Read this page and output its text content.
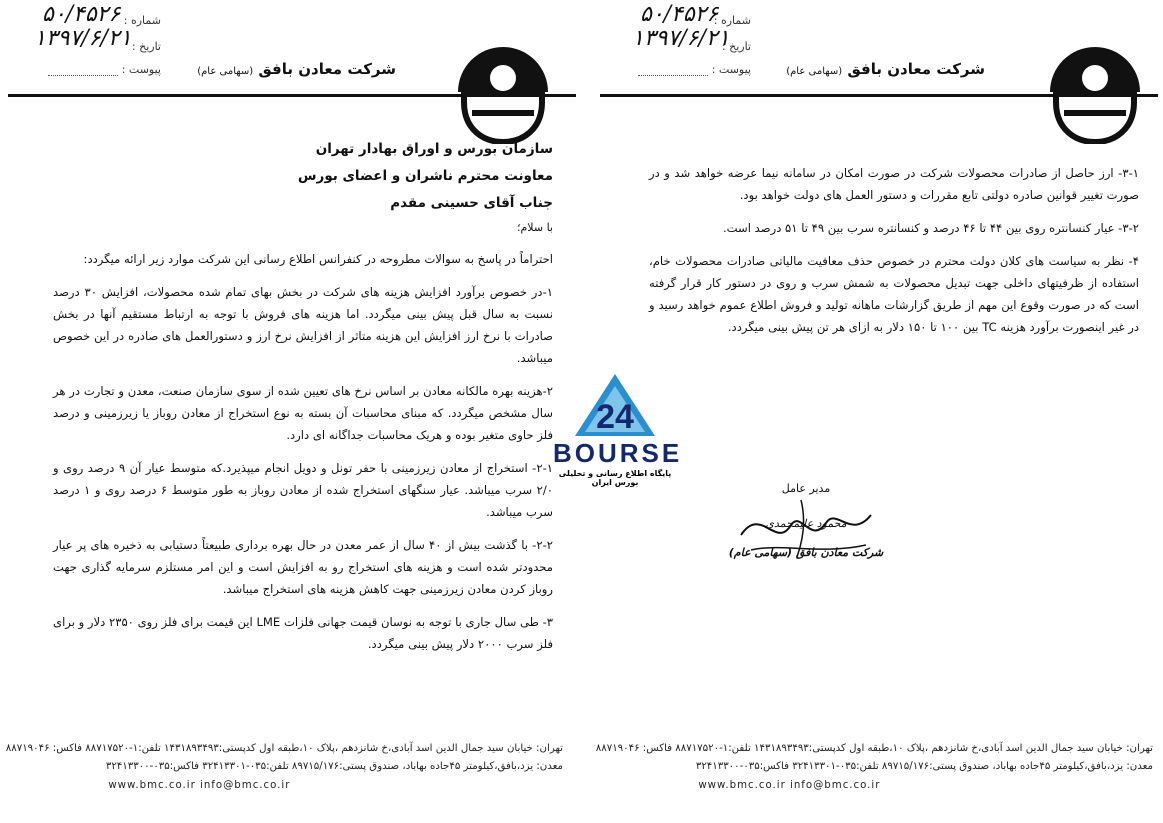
شماره :
۵۰/۴۵۲۶
تاریخ :
۱۳۹۷/۶/۲۱
پیوست :	شرکت معادن بافق (سهامی عام)

سازمان بورس و اوراق بهادار تهران

معاونت محترم ناشران و اعضای بورس

جناب آقای حسینی مقدم

با سلام؛

احتراماً در پاسخ به سوالات مطروحه در کنفرانس اطلاع رسانی این شرکت موارد زیر ارائه میگردد:

۱-در خصوص برآورد افزایش هزینه های شرکت در بخش بهای تمام شده محصولات، افزایش ۳۰ درصد نسبت به سال قبل پیش بینی میگردد. اما هزینه های فروش با توجه به ارتباط مستقیم آنها در بخش صادرات با نرخ ارز افزایش این هزینه متاثر از افزایش نرخ ارز و دستورالعمل های صادره در این خصوص میباشد.

۲-هزینه بهره مالکانه معادن بر اساس نرخ های تعیین شده از سوی سازمان صنعت، معدن و تجارت در هر سال مشخص میگردد. که مبنای محاسبات آن بسته به نوع استخراج از معادن روباز یا زیرزمینی و درصد فلز حاوی متغیر بوده و هریک محاسبات جداگانه ای دارد.

۲-۱- استخراج از معادن زیرزمینی با حفر تونل و دویل انجام میپذیرد.که متوسط عیار آن ۹ درصد روی و ۲/۰ سرب میباشد. عیار سنگهای استخراج شده از معادن روباز به طور متوسط ۶ درصد روی و ۱ درصد سرب میباشد.

۲-۲- با گذشت بیش از ۴۰ سال از عمر معدن در حال بهره برداری طبیعتاً دستیابی به ذخیره های پر عیار محدودتر شده است و هزینه های استخراج رو به افزایش است و این امر مستلزم سرمایه گذاری جهت روباز کردن معادن زیرزمینی جهت کاهش هزینه های استخراج میباشد.

۳- طی سال جاری با توجه به نوسان قیمت جهانی فلزات LME این قیمت برای فلز روی ۲۳۵۰ دلار و برای فلز سرب ۲۰۰۰ دلار پیش بینی میگردد.

تهران: خیابان سید جمال الدین اسد آبادی،خ شانزدهم ،پلاک ۱۰،طبقه اول کدپستی:۱۴۳۱۸۹۳۴۹۳ تلفن:۱-۸۸۷۱۷۵۲۰ فاکس: ۸۸۷۱۹۰۴۶
معدن: یزد،بافق،کیلومتر ۴۵جاده بهاباد، صندوق پستی:۸۹۷۱۵/۱۷۶ تلفن:۰۳۵-۳۲۴۱۳۳۰۱ فاکس:۰۳۵-۳۲۴۱۳۳۰۰
www.bmc.co.ir info@bmc.co.ir
شماره :
۵۰/۴۵۲۶
تاریخ :
۱۳۹۷/۶/۲۱
پیوست :	شرکت معادن بافق (سهامی عام)

۳-۱- ارز حاصل از صادرات محصولات شرکت در صورت امکان در سامانه نیما عرضه خواهد شد و در صورت تغییر قوانین صادره دولتی تابع مقررات و دستور العمل های دولت خواهد بود.

۳-۲- عیار کنسانتره روی بین ۴۴ تا ۴۶ درصد و کنسانتره سرب بین ۴۹ تا ۵۱ درصد است.

۴- نظر به سیاست های کلان دولت محترم در خصوص حذف معافیت مالیاتی صادرات محصولات خام، استفاده از ظرفیتهای داخلی جهت تبدیل محصولات به شمش سرب و روی در دستور کار قرار گرفته است که در صورت وقوع این مهم از طریق گزارشات ماهانه تولید و فروش اطلاع عموم خواهد رسید و در غیر اینصورت برآورد هزینه TC بین ۱۰۰ تا ۱۵۰ دلار به ازای هر تن پیش بینی میگردد.

مدیر عامل
محمود علیمحمدی
شرکت معادن بافق (سهامی عام)
تهران: خیابان سید جمال الدین اسد آبادی،خ شانزدهم ،پلاک ۱۰،طبقه اول کدپستی:۱۴۳۱۸۹۳۴۹۳ تلفن:۱-۸۸۷۱۷۵۲۰ فاکس: ۸۸۷۱۹۰۴۶
معدن: یزد،بافق،کیلومتر ۴۵جاده بهاباد، صندوق پستی:۸۹۷۱۵/۱۷۶ تلفن:۰۳۵-۳۲۴۱۳۳۰۱ فاکس:۰۳۵-۳۲۴۱۳۳۰۰
www.bmc.co.ir info@bmc.co.ir
24
BOURSE
پایگاه اطلاع رسانی و تحلیلی بورس ایران
